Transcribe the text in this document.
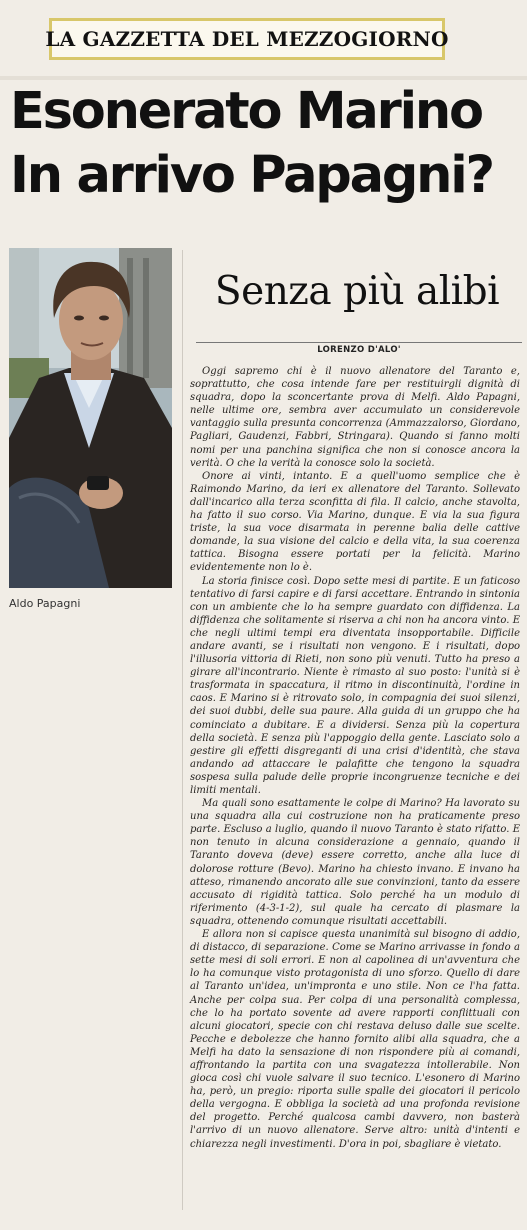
LA GAZZETTA DEL MEZZOGIORNO
Esonerato Marino
In arrivo Papagni?
Aldo Papagni
Senza più alibi
LORENZO D'ALO'

Oggi sapremo chi è il nuovo allenatore del Taranto e, soprattutto, che cosa intende fare per restituirgli dignità di squadra, dopo la sconcertante prova di Melfi. Aldo Papagni, nelle ultime ore, sembra aver accumulato un considerevole vantaggio sulla presunta concorrenza (Ammazzalorso, Giordano, Pagliari, Gaudenzi, Fabbri, Stringara). Quando si fanno molti nomi per una panchina significa che non si conosce ancora la verità. O che la verità la conosce solo la società.

Onore ai vinti, intanto. E a quell'uomo semplice che è Raimondo Marino, da ieri ex allenatore del Taranto. Sollevato dall'incarico alla terza sconfitta di fila. Il calcio, anche stavolta, ha fatto il suo corso. Via Marino, dunque. E via la sua figura triste, la sua voce disarmata in perenne balia delle cattive domande, la sua visione del calcio e della vita, la sua coerenza tattica. Bisogna essere portati per la felicità. Marino evidentemente non lo è.

La storia finisce così. Dopo sette mesi di partite. E un faticoso tentativo di farsi capire e di farsi accettare. Entrando in sintonia con un ambiente che lo ha sempre guardato con diffidenza. La diffidenza che solitamente si riserva a chi non ha ancora vinto. E che negli ultimi tempi era diventata insopportabile. Difficile andare avanti, se i risultati non vengono. E i risultati, dopo l'illusoria vittoria di Rieti, non sono più venuti. Tutto ha preso a girare all'incontrario. Niente è rimasto al suo posto: l'unità si è trasformata in spaccatura, il ritmo in discontinuità, l'ordine in caos. E Marino si è ritrovato solo, in compagnia dei suoi silenzi, dei suoi dubbi, delle sua paure. Alla guida di un gruppo che ha cominciato a dubitare. E a dividersi. Senza più la copertura della società. E senza più l'appoggio della gente. Lasciato solo a gestire gli effetti disgreganti di una crisi d'identità, che stava andando ad attaccare le palafitte che tengono la squadra sospesa sulla palude delle proprie incongruenze tecniche e dei limiti mentali.

Ma quali sono esattamente le colpe di Marino? Ha lavorato su una squadra alla cui costruzione non ha praticamente preso parte. Escluso a luglio, quando il nuovo Taranto è stato rifatto. E non tenuto in alcuna considerazione a gennaio, quando il Taranto doveva (deve) essere corretto, anche alla luce di dolorose rotture (Bevo). Marino ha chiesto invano. E invano ha atteso, rimanendo ancorato alle sue convinzioni, tanto da essere accusato di rigidità tattica. Solo perché ha un modulo di riferimento (4-3-1-2), sul quale ha cercato di plasmare la squadra, ottenendo comunque risultati accettabili.

E allora non si capisce questa unanimità sul bisogno di addio, di distacco, di separazione. Come se Marino arrivasse in fondo a sette mesi di soli errori. E non al capolinea di un'avventura che lo ha comunque visto protagonista di uno sforzo. Quello di dare al Taranto un'idea, un'impronta e uno stile. Non ce l'ha fatta. Anche per colpa sua. Per colpa di una personalità complessa, che lo ha portato sovente ad avere rapporti conflittuali con alcuni giocatori, specie con chi restava deluso dalle sue scelte. Pecche e debolezze che hanno fornito alibi alla squadra, che a Melfi ha dato la sensazione di non rispondere più ai comandi, affrontando la partita con una svagatezza intollerabile. Non gioca così chi vuole salvare il suo tecnico. L'esonero di Marino ha, però, un pregio: riporta sulle spalle dei giocatori il pericolo della vergogna. E obbliga la società ad una profonda revisione del progetto. Perché qualcosa cambi davvero, non basterà l'arrivo di un nuovo allenatore. Serve altro: unità d'intenti e chiarezza negli investimenti. D'ora in poi, sbagliare è vietato.
